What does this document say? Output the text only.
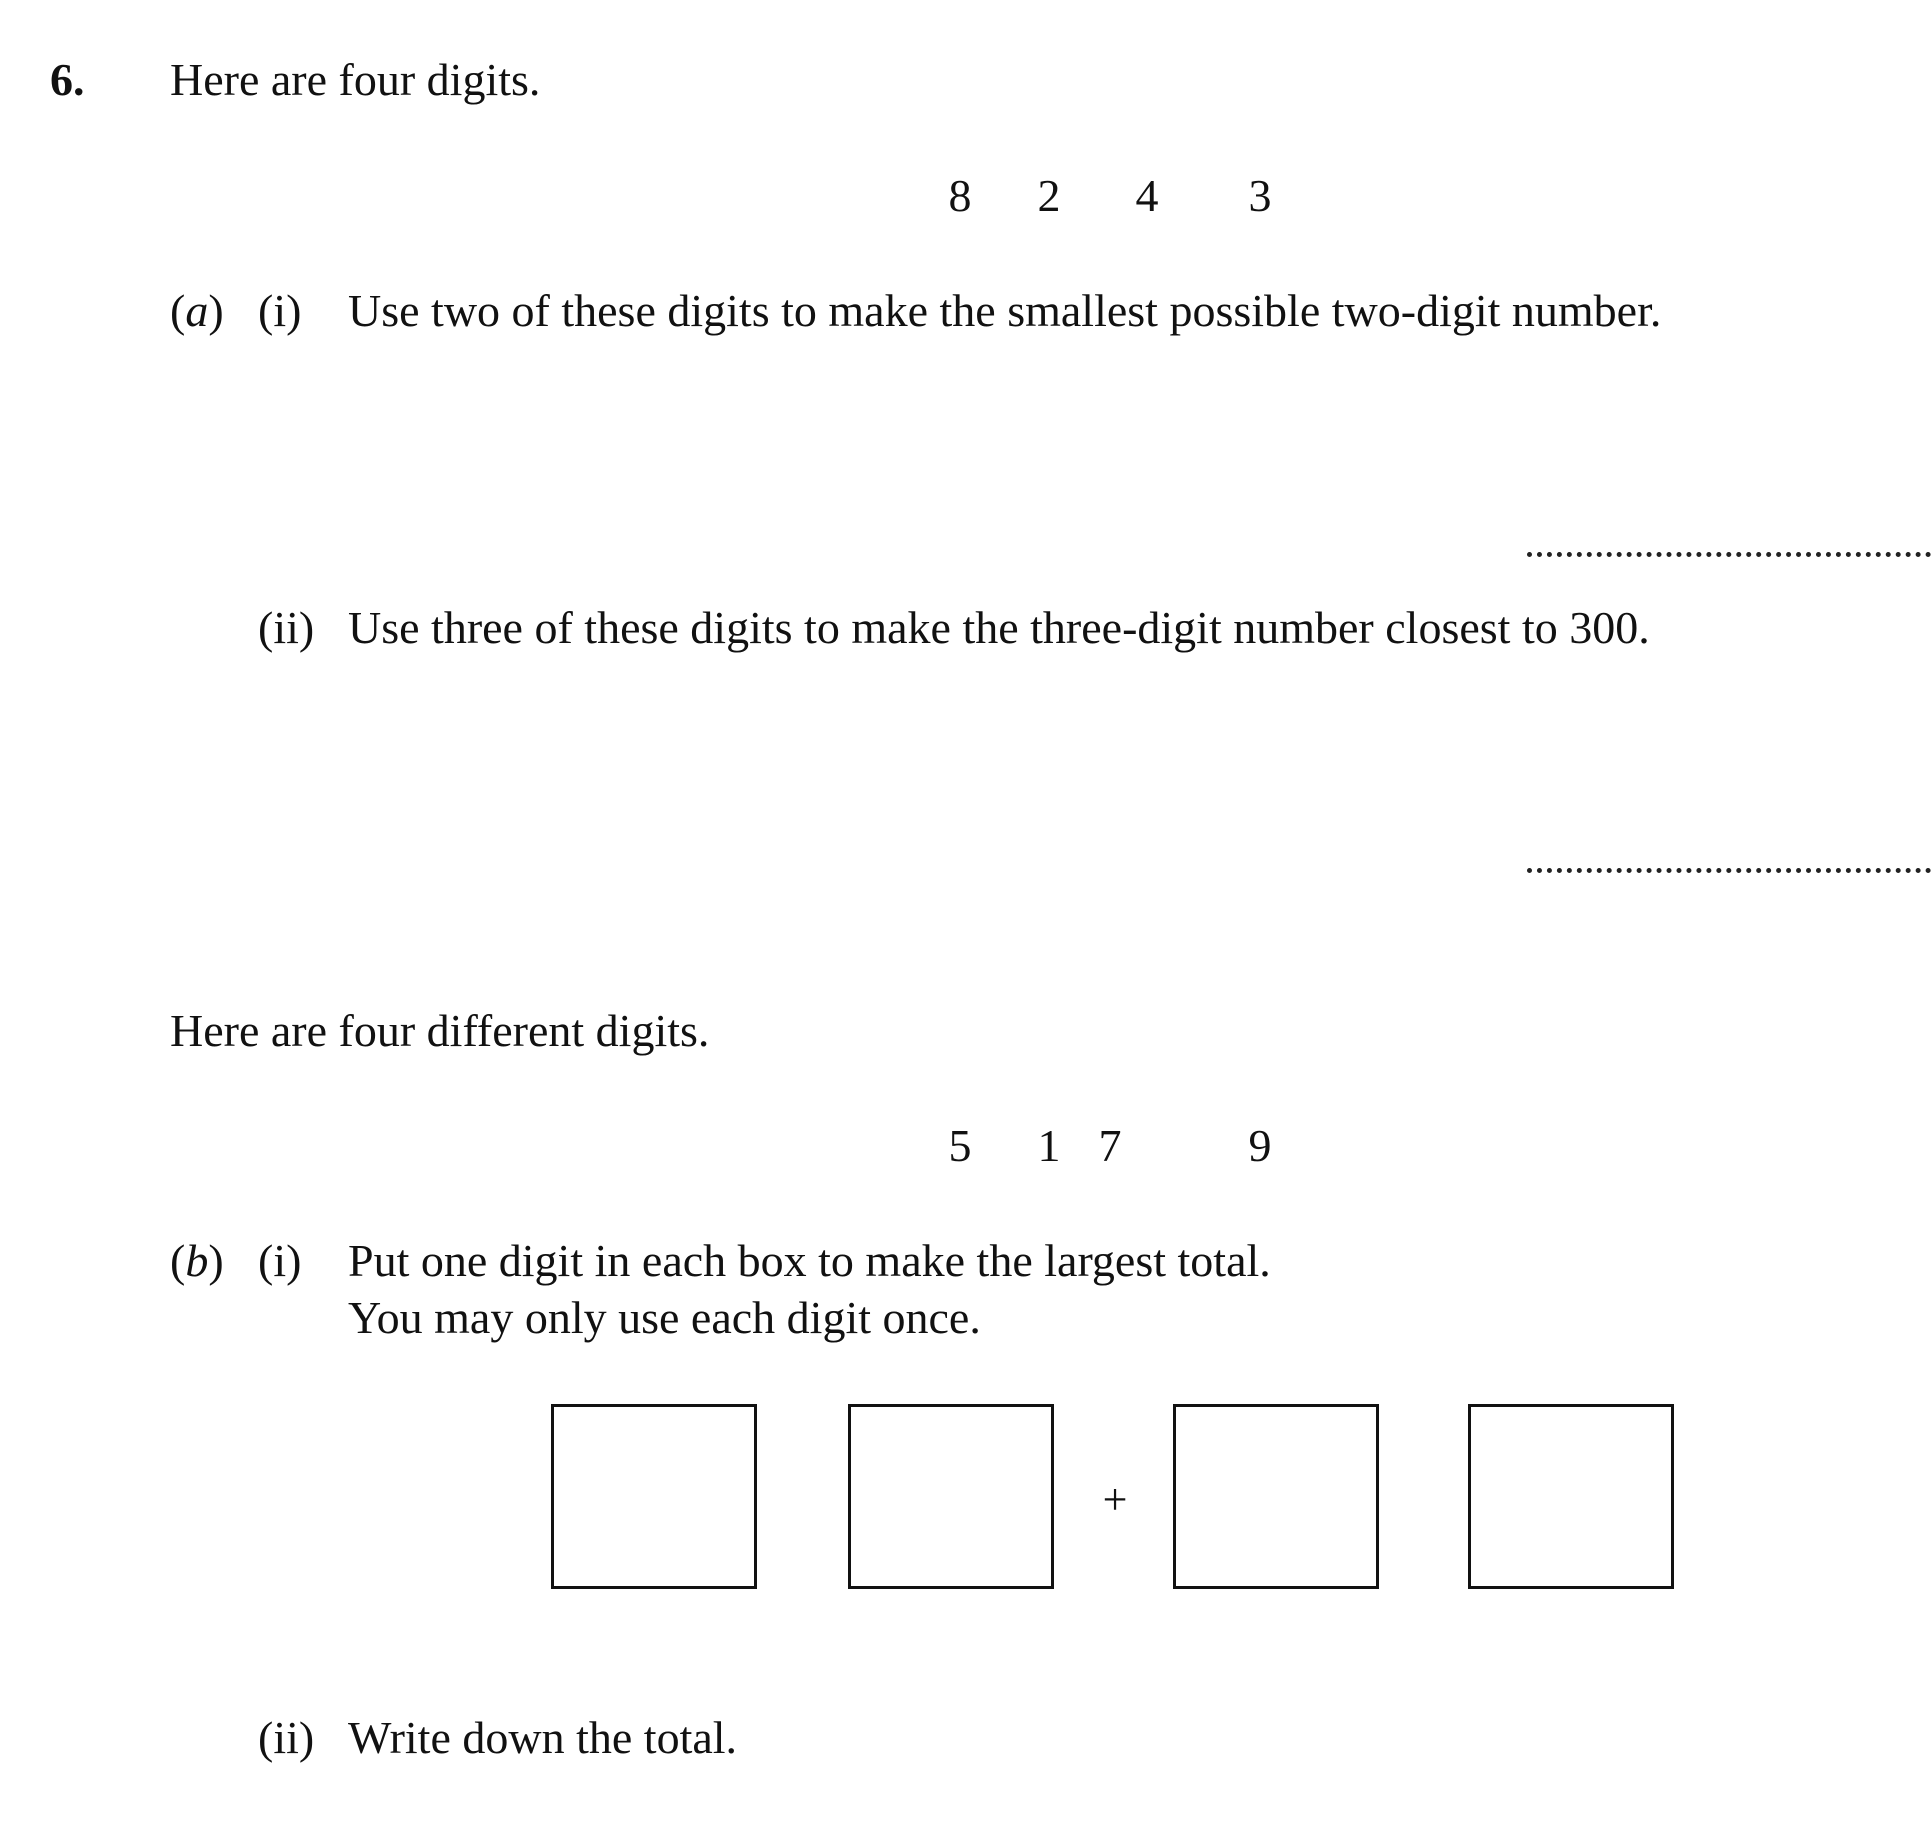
6. Here are four digits.
8 2 4 3
(a) (i) Use two of these digits to make the smallest possible two-digit number.
(ii) Use three of these digits to make the three-digit number closest to 300.
Here are four different digits.
5 1 7	9
(b) (i) Put one digit in each box to make the largest total.
You may only use each digit once.
+
(ii) Write down the total.
